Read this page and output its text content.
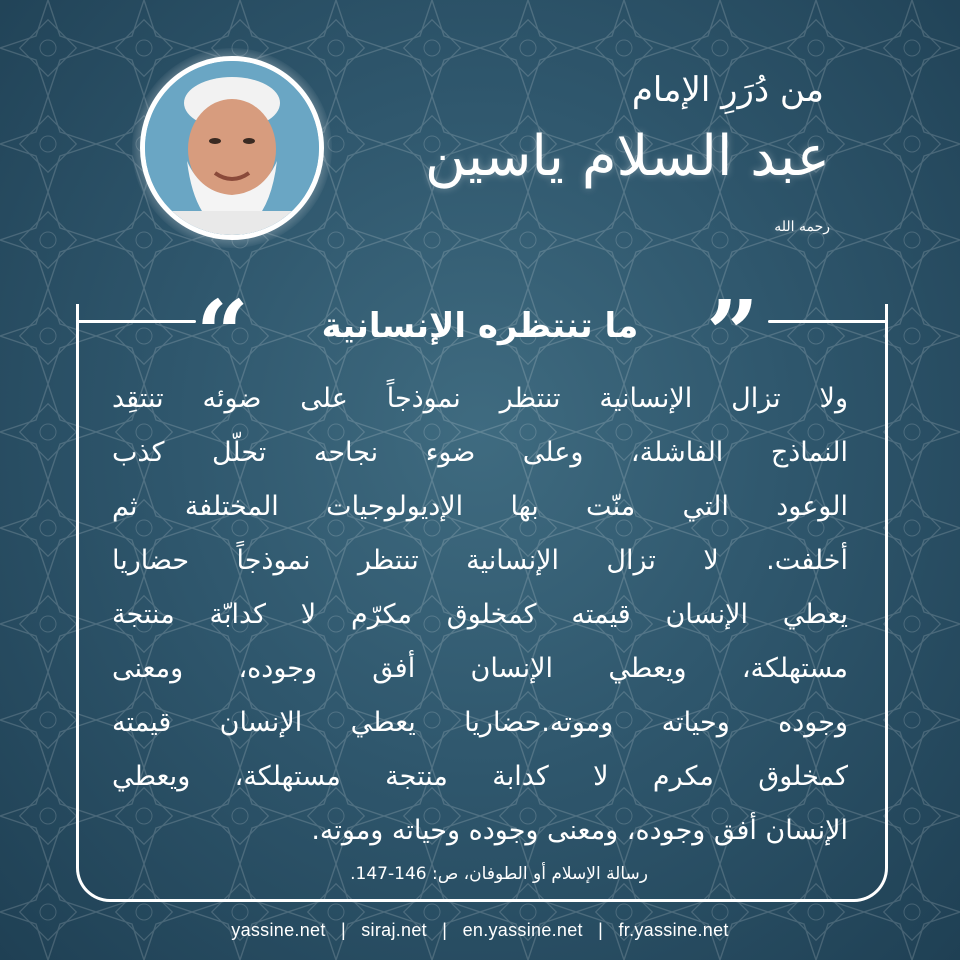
من دُرَرِ الإمام
عبد السلام ياسين $^{رحمه الله}$
“	”
ما تنتظره الإنسانية
ولا تزال الإنسانية تنتظر نموذجاً على ضوئه تنتقِد
النماذج الفاشلة، وعلى ضوء نجاحه تحلّل كذب
الوعود التي منّت بها الإديولوجيات المختلفة ثم
أخلفت. لا تزال الإنسانية تنتظر نموذجاً حضاريا
يعطي الإنسان قيمته كمخلوق مكرّم لا كدابّة منتجة
مستهلكة، ويعطي الإنسان أفق وجوده، ومعنى
وجوده وحياته وموته.حضاريا يعطي الإنسان قيمته
كمخلوق مكرم لا كدابة منتجة مستهلكة، ويعطي
الإنسان أفق وجوده، ومعنى وجوده وحياته وموته.
رسالة الإسلام أو الطوفان، ص: 146-147.
yassine.net | siraj.net | en.yassine.net | fr.yassine.net
